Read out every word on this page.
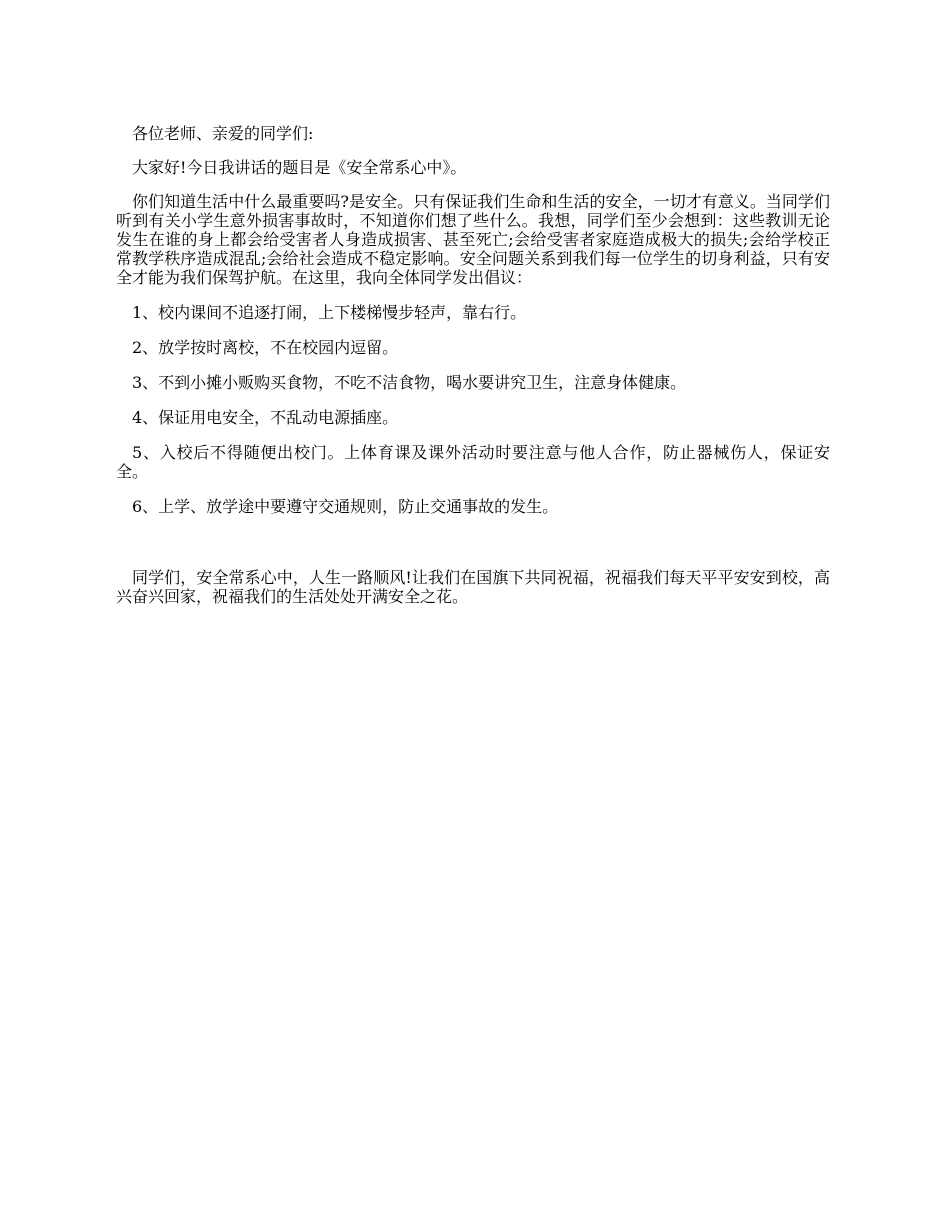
各位老师、亲爱的同学们:

大家好!今日我讲话的题目是《安全常系心中》。

你们知道生活中什么最重要吗?是安全。只有保证我们生命和生活的安全，一切才有意义。当同学们听到有关小学生意外损害事故时，不知道你们想了些什么。我想，同学们至少会想到：这些教训无论发生在谁的身上都会给受害者人身造成损害、甚至死亡;会给受害者家庭造成极大的损失;会给学校正常教学秩序造成混乱;会给社会造成不稳定影响。安全问题关系到我们每一位学生的切身利益，只有安全才能为我们保驾护航。在这里，我向全体同学发出倡议：

1、校内课间不追逐打闹，上下楼梯慢步轻声，靠右行。

2、放学按时离校，不在校园内逗留。

3、不到小摊小贩购买食物，不吃不洁食物，喝水要讲究卫生，注意身体健康。

4、保证用电安全，不乱动电源插座。

5、入校后不得随便出校门。上体育课及课外活动时要注意与他人合作，防止器械伤人，保证安全。

6、上学、放学途中要遵守交通规则，防止交通事故的发生。

同学们，安全常系心中，人生一路顺风!让我们在国旗下共同祝福，祝福我们每天平平安安到校，高兴奋兴回家，祝福我们的生活处处开满安全之花。
